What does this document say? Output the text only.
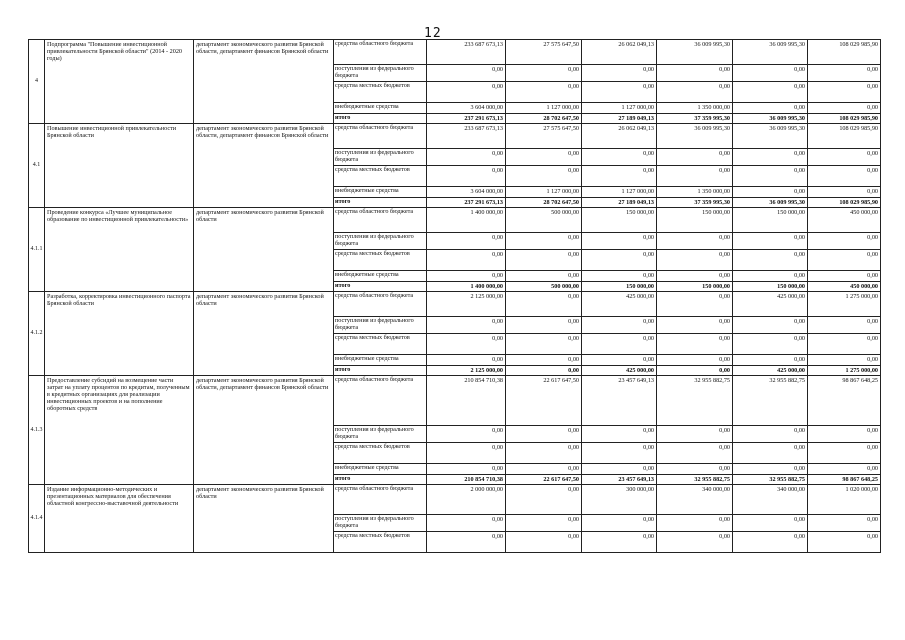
12
4	Подпрограмма "Повышение инвестиционной привлекательности Брянской области" (2014 - 2020 годы)	департамент экономического развития Брянской области, департамент финансов Брянской области	средства областного бюджета	233 687 673,13	27 575 647,50	26 062 049,13	36 009 995,30	36 009 995,30	108 029 985,90
			поступления из федерального бюджета	0,00	0,00	0,00	0,00	0,00	0,00
			средства местных бюджетов	0,00	0,00	0,00	0,00	0,00	0,00
			внебюджетные средства	3 604 000,00	1 127 000,00	1 127 000,00	1 350 000,00	0,00	0,00
			итого	237 291 673,13	28 702 647,50	27 189 049,13	37 359 995,30	36 009 995,30	108 029 985,90
4.1	Повышение инвестиционной привлекательности Брянской области	департамент экономического развития Брянской области, департамент финансов Брянской области	средства областного бюджета	233 687 673,13	27 575 647,50	26 062 049,13	36 009 995,30	36 009 995,30	108 029 985,90
			поступления из федерального бюджета	0,00	0,00	0,00	0,00	0,00	0,00
			средства местных бюджетов	0,00	0,00	0,00	0,00	0,00	0,00
			внебюджетные средства	3 604 000,00	1 127 000,00	1 127 000,00	1 350 000,00	0,00	0,00
			итого	237 291 673,13	28 702 647,50	27 189 049,13	37 359 995,30	36 009 995,30	108 029 985,90
4.1.1	Проведение конкурса «Лучшее муниципальное образование по инвестиционной привлекательности»	департамент экономического развития Брянской области	средства областного бюджета	1 400 000,00	500 000,00	150 000,00	150 000,00	150 000,00	450 000,00
			поступления из федерального бюджета	0,00	0,00	0,00	0,00	0,00	0,00
			средства местных бюджетов	0,00	0,00	0,00	0,00	0,00	0,00
			внебюджетные средства	0,00	0,00	0,00	0,00	0,00	0,00
			итого	1 400 000,00	500 000,00	150 000,00	150 000,00	150 000,00	450 000,00
4.1.2	Разработка, корректировка инвестиционного паспорта Брянской области	департамент экономического развития Брянской области	средства областного бюджета	2 125 000,00	0,00	425 000,00	0,00	425 000,00	1 275 000,00
			поступления из федерального бюджета	0,00	0,00	0,00	0,00	0,00	0,00
			средства местных бюджетов	0,00	0,00	0,00	0,00	0,00	0,00
			внебюджетные средства	0,00	0,00	0,00	0,00	0,00	0,00
			итого	2 125 000,00	0,00	425 000,00	0,00	425 000,00	1 275 000,00
4.1.3	Предоставление субсидий на возмещение части затрат на уплату процентов по кредитам, полученным в кредитных организациях для реализации инвестиционных проектов и на пополнение оборотных средств	департамент экономического развития Брянской области, департамент финансов Брянской области	средства областного бюджета	210 854 710,38	22 617 647,50	23 457 649,13	32 955 882,75	32 955 882,75	98 867 648,25
			поступления из федерального бюджета	0,00	0,00	0,00	0,00	0,00	0,00
			средства местных бюджетов	0,00	0,00	0,00	0,00	0,00	0,00
			внебюджетные средства	0,00	0,00	0,00	0,00	0,00	0,00
			итого	210 854 710,38	22 617 647,50	23 457 649,13	32 955 882,75	32 955 882,75	98 867 648,25
4.1.4	Издание информационно-методических и презентационных материалов для обеспечения областной конгрессно-выставочной деятельности	департамент экономического развития Брянской области	средства областного бюджета	2 000 000,00	0,00	300 000,00	340 000,00	340 000,00	1 020 000,00
			поступления из федерального бюджета	0,00	0,00	0,00	0,00	0,00	0,00
			средства местных бюджетов	0,00	0,00	0,00	0,00	0,00	0,00
